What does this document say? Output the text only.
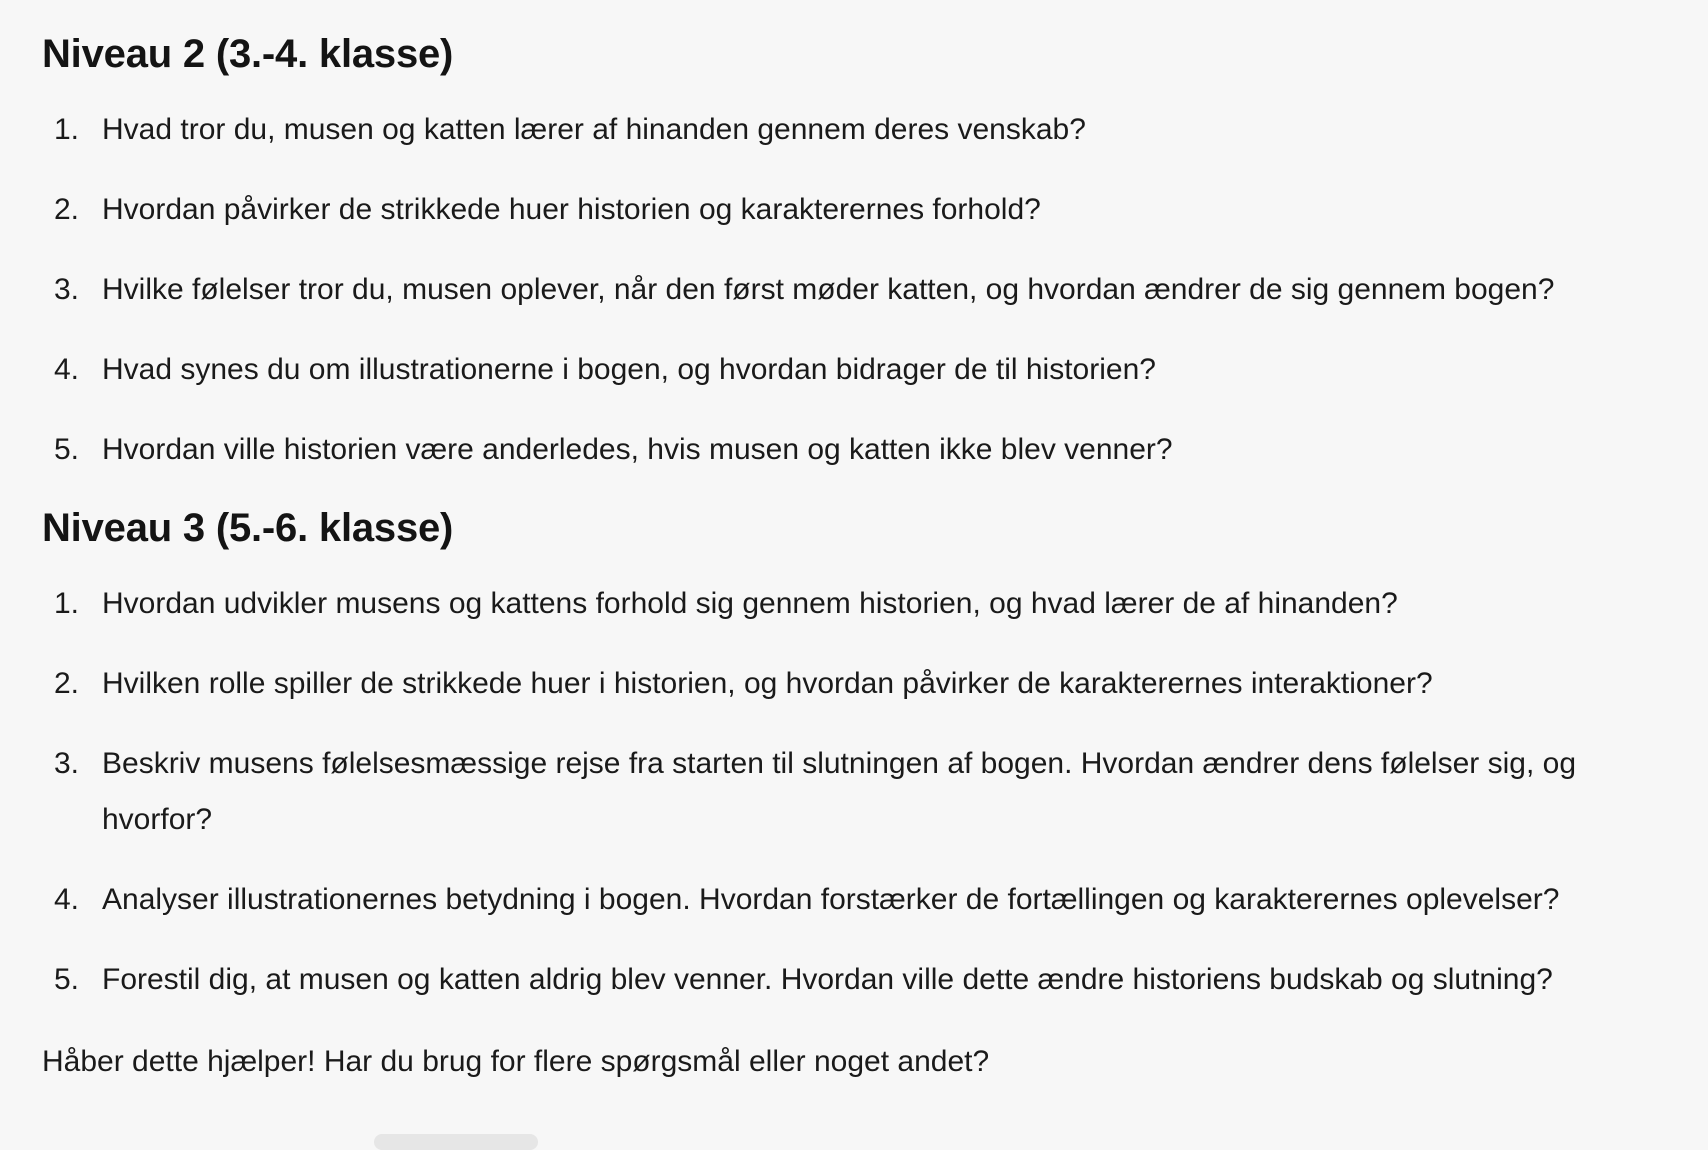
Niveau 2 (3.-4. klasse)
1. Hvad tror du, musen og katten lærer af hinanden gennem deres venskab?
2. Hvordan påvirker de strikkede huer historien og karakterernes forhold?
3. Hvilke følelser tror du, musen oplever, når den først møder katten, og hvordan ændrer de sig gennem bogen?
4. Hvad synes du om illustrationerne i bogen, og hvordan bidrager de til historien?
5. Hvordan ville historien være anderledes, hvis musen og katten ikke blev venner?
Niveau 3 (5.-6. klasse)
1. Hvordan udvikler musens og kattens forhold sig gennem historien, og hvad lærer de af hinanden?
2. Hvilken rolle spiller de strikkede huer i historien, og hvordan påvirker de karakterernes interaktioner?
3. Beskriv musens følelsesmæssige rejse fra starten til slutningen af bogen. Hvordan ændrer dens følelser sig, og hvorfor?
4. Analyser illustrationernes betydning i bogen. Hvordan forstærker de fortællingen og karakterernes oplevelser?
5. Forestil dig, at musen og katten aldrig blev venner. Hvordan ville dette ændre historiens budskab og slutning?

Håber dette hjælper! Har du brug for flere spørgsmål eller noget andet?
